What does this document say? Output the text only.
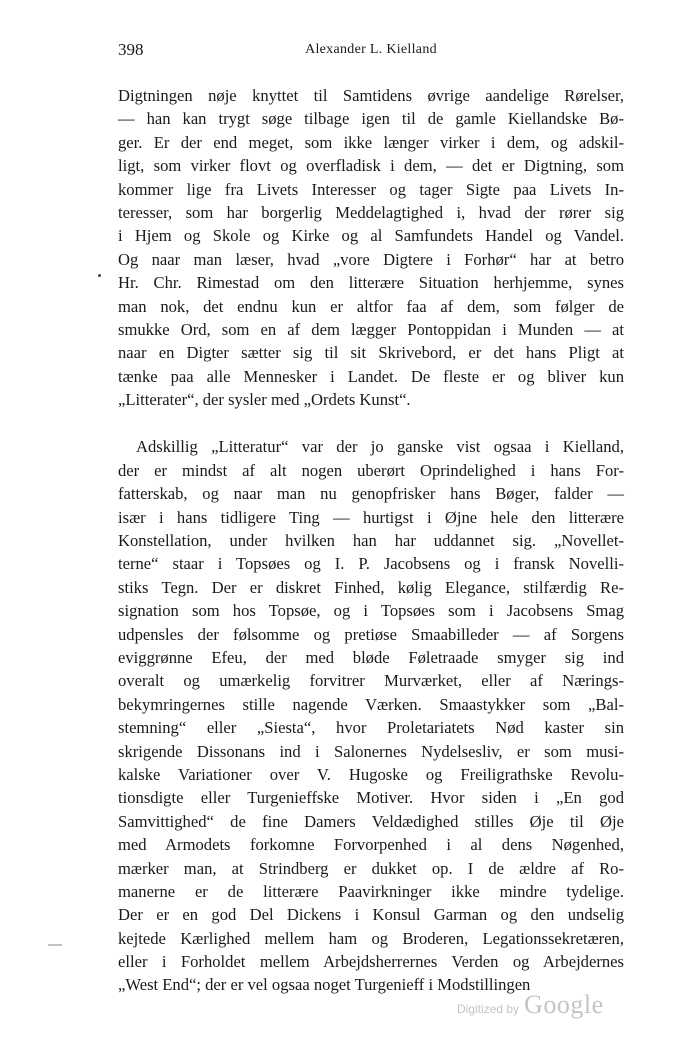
398	Alexander L. Kielland
Digtningen nøje knyttet til Samtidens øvrige aandelige Rørelser,
— han kan trygt søge tilbage igen til de gamle Kiellandske Bø-
ger. Er der end meget, som ikke længer virker i dem, og adskil-
ligt, som virker flovt og overfladisk i dem, — det er Digtning, som
kommer lige fra Livets Interesser og tager Sigte paa Livets In-
teresser, som har borgerlig Meddelagtighed i, hvad der rører sig
i Hjem og Skole og Kirke og al Samfundets Handel og Vandel.
Og naar man læser, hvad „vore Digtere i Forhør“ har at betro
Hr. Chr. Rimestad om den litterære Situation herhjemme, synes
man nok, det endnu kun er altfor faa af dem, som følger de
smukke Ord, som en af dem lægger Pontoppidan i Munden — at
naar en Digter sætter sig til sit Skrivebord, er det hans Pligt at
tænke paa alle Mennesker i Landet. De fleste er og bliver kun
„Litterater“, der sysler med „Ordets Kunst“.
Adskillig „Litteratur“ var der jo ganske vist ogsaa i Kielland,
der er mindst af alt nogen uberørt Oprindelighed i hans For-
fatterskab, og naar man nu genopfrisker hans Bøger, falder —
især i hans tidligere Ting — hurtigst i Øjne hele den litterære
Konstellation, under hvilken han har uddannet sig. „Novellet-
terne“ staar i Topsøes og I. P. Jacobsens og i fransk Novelli-
stiks Tegn. Der er diskret Finhed, kølig Elegance, stilfærdig Re-
signation som hos Topsøe, og i Topsøes som i Jacobsens Smag
udpensles der følsomme og pretiøse Smaabilleder — af Sorgens
eviggrønne Efeu, der med bløde Føletraade smyger sig ind
overalt og umærkelig forvitrer Murværket, eller af Nærings-
bekymringernes stille nagende Værken. Smaastykker som „Bal-
stemning“ eller „Siesta“, hvor Proletariatets Nød kaster sin
skrigende Dissonans ind i Salonernes Nydelsesliv, er som musi-
kalske Variationer over V. Hugoske og Freiligrathske Revolu-
tionsdigte eller Turgenieffske Motiver. Hvor siden i „En god
Samvittighed“ de fine Damers Veldædighed stilles Øje til Øje
med Armodets forkomne Forvorpenhed i al dens Nøgenhed,
mærker man, at Strindberg er dukket op. I de ældre af Ro-
manerne er de litterære Paavirkninger ikke mindre tydelige.
Der er en god Del Dickens i Konsul Garman og den undselig
kejtede Kærlighed mellem ham og Broderen, Legationssekretæren,
eller i Forholdet mellem Arbejdsherrernes Verden og Arbejdernes
„West End“; der er vel ogsaa noget Turgenieff i Modstillingen
Digitized by Google
